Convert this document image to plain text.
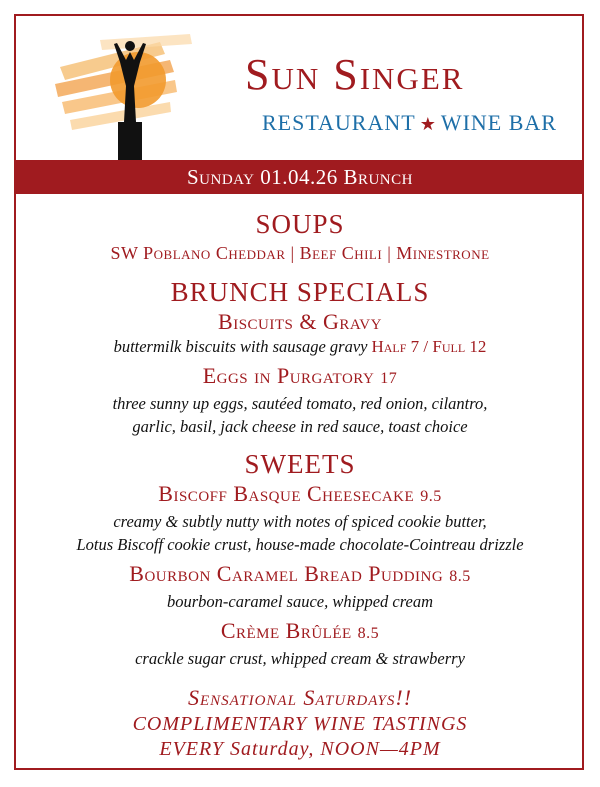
Sun Singer
RESTAURANT ★ WINE BAR
Sunday 01.04.26 Brunch
SOUPS
SW Poblano Cheddar | Beef Chili | Minestrone
BRUNCH SPECIALS
Biscuits & Gravy
buttermilk biscuits with sausage gravy Half 7 / Full 12
Eggs in Purgatory 17
three sunny up eggs, sautéed tomato, red onion, cilantro,
garlic, basil, jack cheese in red sauce, toast choice
SWEETS
Biscoff Basque Cheesecake 9.5
creamy & subtly nutty with notes of spiced cookie butter,
Lotus Biscoff cookie crust, house-made chocolate-Cointreau drizzle
Bourbon Caramel Bread Pudding 8.5
bourbon-caramel sauce, whipped cream
Crème Brûlée 8.5
crackle sugar crust, whipped cream & strawberry
Sensational Saturdays!!
COMPLIMENTARY WINE TASTINGS
EVERY Saturday, NOON—4PM
